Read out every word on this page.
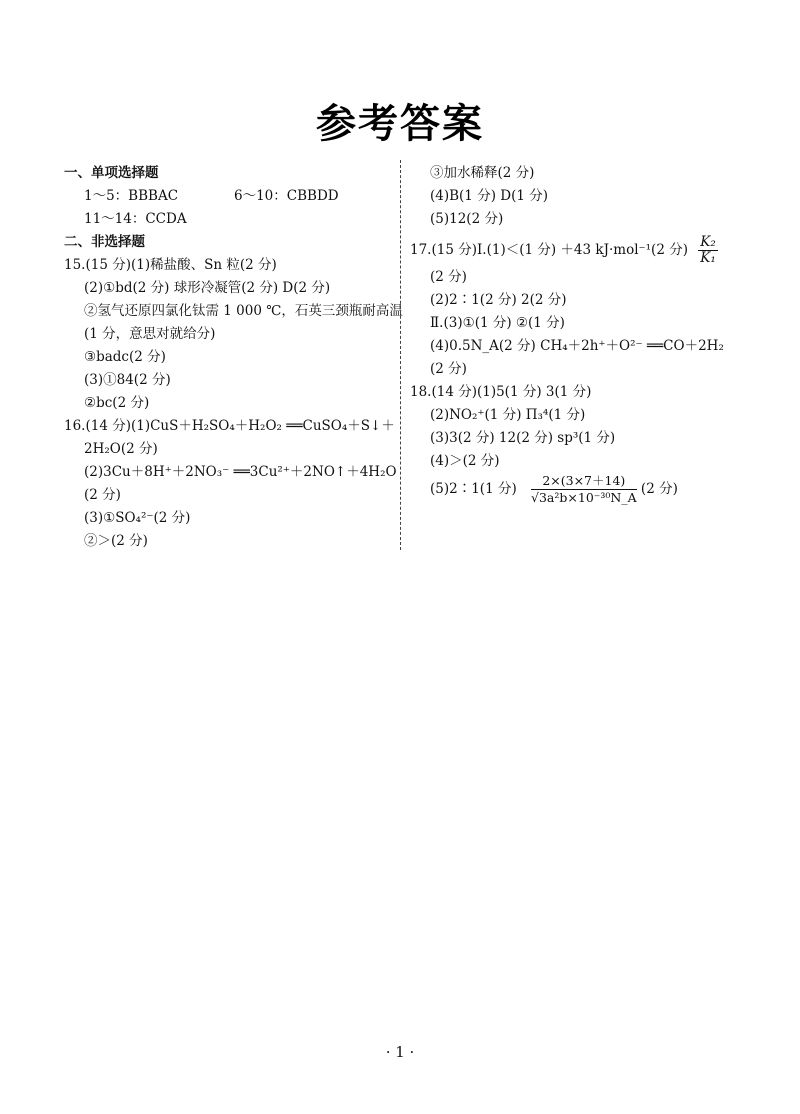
参考答案
一、单项选择题
1～5：BBBAC	6～10：CBBDD
11～14：CCDA
二、非选择题
15.(15 分)(1)稀盐酸、Sn 粒(2 分)
(2)①bd(2 分) 球形冷凝管(2 分) D(2 分)
②氢气还原四氯化钛需 1 000 ℃，石英三颈瓶耐高温
(1 分，意思对就给分)
③badc(2 分)
(3)①84(2 分)
②bc(2 分)
16.(14 分)(1)CuS＋H₂SO₄＋H₂O₂ ══CuSO₄＋S↓＋
2H₂O(2 分)
(2)3Cu＋8H⁺＋2NO₃⁻ ══3Cu²⁺＋2NO↑＋4H₂O
(2 分)
(3)①SO₄²⁻(2 分)
②＞(2 分)
③加水稀释(2 分)
(4)B(1 分) D(1 分)
(5)12(2 分)
17.(15 分)Ⅰ.(1)＜(1 分) ＋43 kJ·mol⁻¹(2 分) $\frac{\text{K₂}}{\text{K₁}}$
(2 分)
(2)2∶1(2 分) 2(2 分)
Ⅱ.(3)①(1 分) ②(1 分)
(4)0.5N_A(2 分) CH₄＋2h⁺＋O²⁻ ══CO＋2H₂
(2 分)
18.(14 分)(1)5(1 分) 3(1 分)
(2)NO₂⁺(1 分) Π₃⁴(1 分)
(3)3(2 分) 12(2 分) sp³(1 分)
(4)＞(2 分)
(5)2∶1(1 分) $\frac{2\times(3\times 7+14)}{\text{√3a²b×10⁻³⁰N\_A}} (2$ 分)
· 1 ·
